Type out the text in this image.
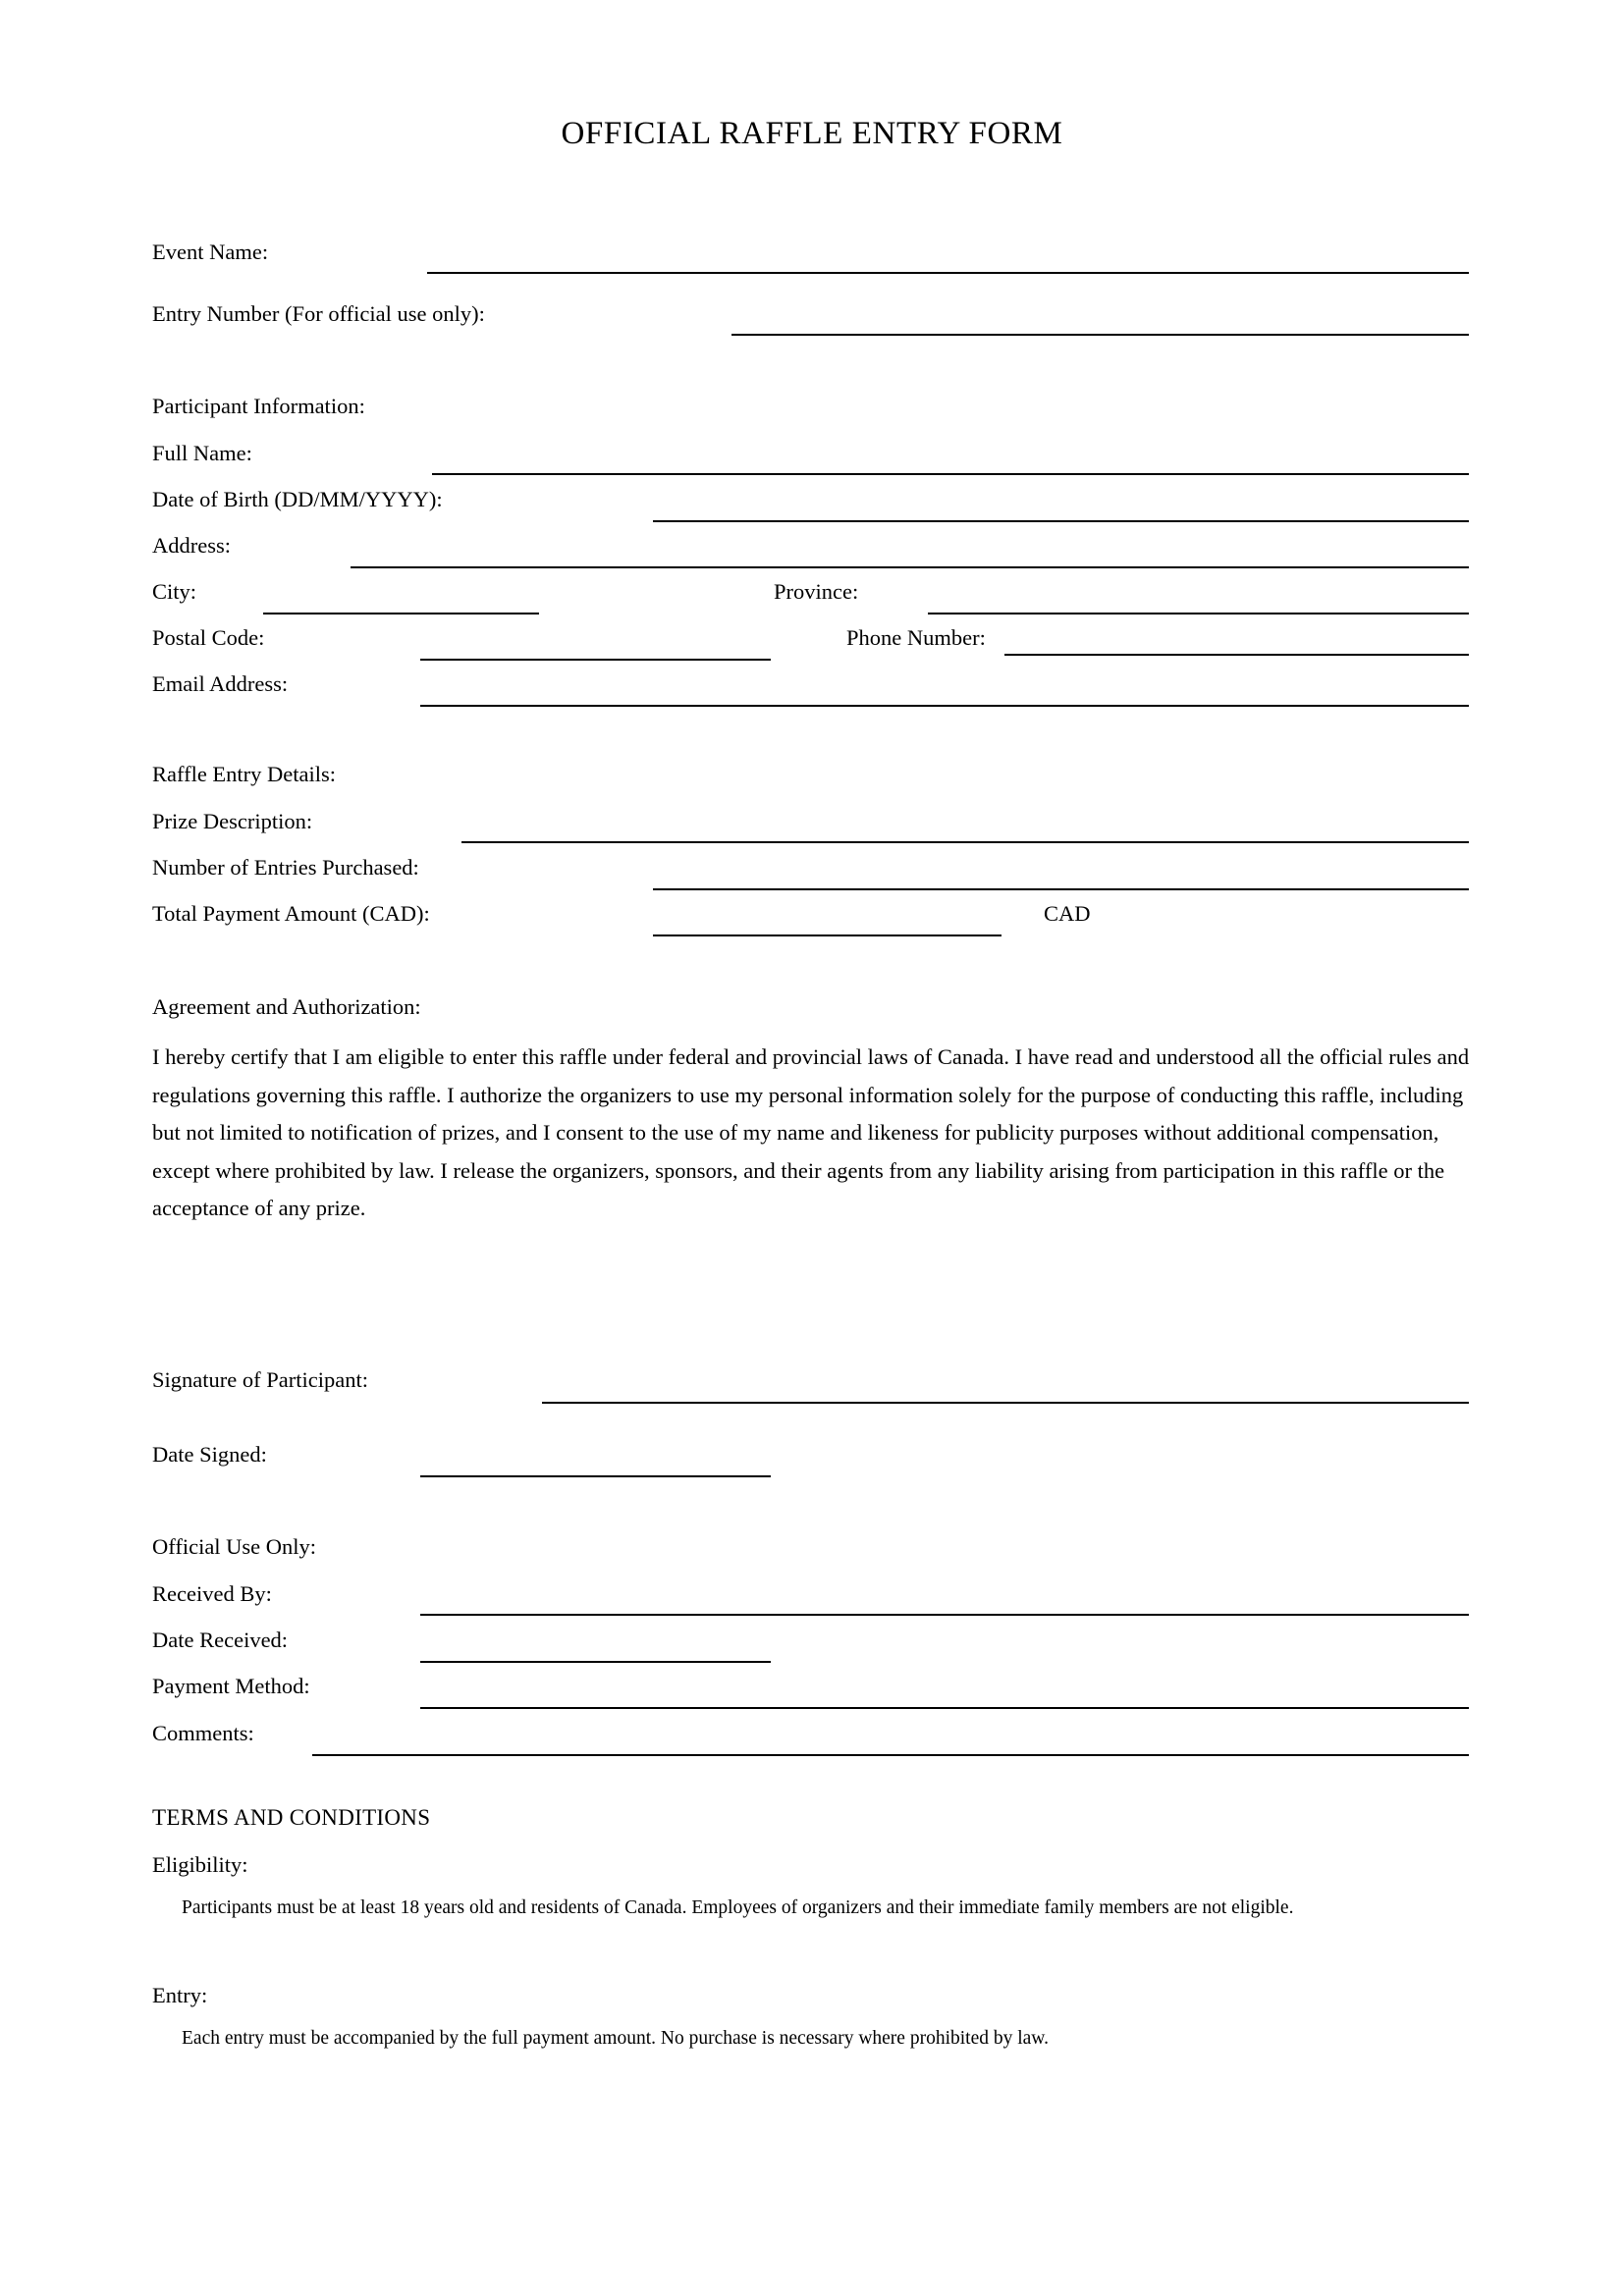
OFFICIAL RAFFLE ENTRY FORM
Event Name:
Entry Number (For official use only):
Participant Information:
Full Name:
Date of Birth (DD/MM/YYYY):
Address:
City:	Province:
Postal Code:	Phone Number:
Email Address:
Raffle Entry Details:
Prize Description:
Number of Entries Purchased:
Total Payment Amount (CAD):	CAD
Agreement and Authorization:
I hereby certify that I am eligible to enter this raffle under federal and provincial laws of Canada. I have read and understood all the official rules and regulations governing this raffle. I authorize the organizers to use my personal information solely for the purpose of conducting this raffle, including but not limited to notification of prizes, and I consent to the use of my name and likeness for publicity purposes without additional compensation, except where prohibited by law. I release the organizers, sponsors, and their agents from any liability arising from participation in this raffle or the acceptance of any prize.
Signature of Participant:
Date Signed:
Official Use Only:
Received By:
Date Received:
Payment Method:
Comments:
TERMS AND CONDITIONS
Eligibility:
Participants must be at least 18 years old and residents of Canada. Employees of organizers and their immediate family members are not eligible.
Entry:
Each entry must be accompanied by the full payment amount. No purchase is necessary where prohibited by law.
